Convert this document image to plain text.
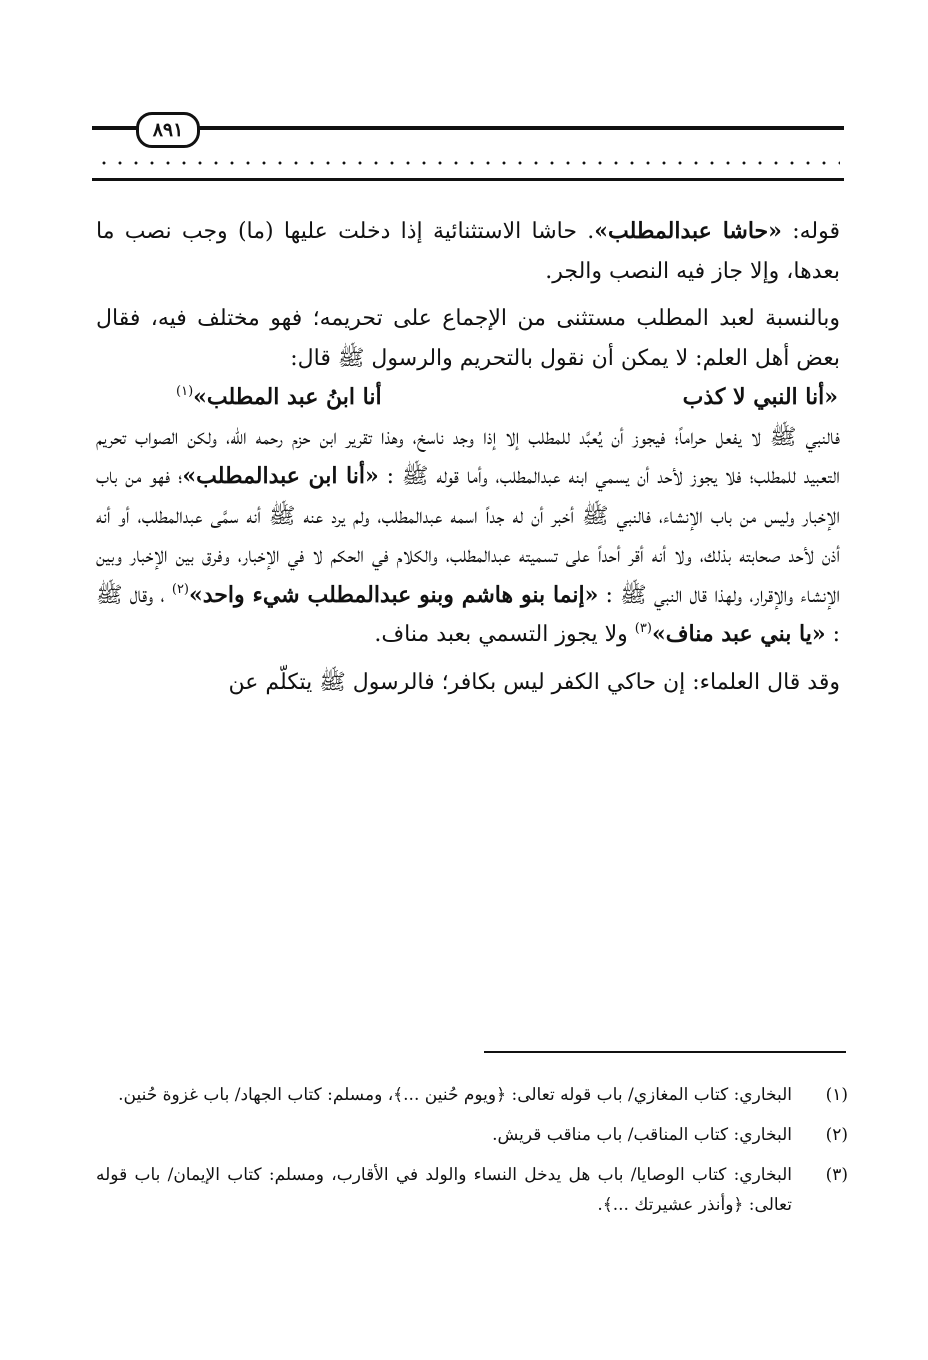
٨٩١

قوله: «حاشا عبدالمطلب». حاشا الاستثنائية إذا دخلت عليها (ما) وجب نصب ما بعدها، وإلا جاز فيه النصب والجر.

وبالنسبة لعبد المطلب مستثنى من الإجماع على تحريمه؛ فهو مختلف فيه، فقال بعض أهل العلم: لا يمكن أن نقول بالتحريم والرسول ﷺ قال:

«أنا النبي لا كذب
أنا ابنُ عبد المطلب»$^{(١)}$

فالنبي ﷺ لا يفعل حراماً؛ فيجوز أن يُعبَّد للمطلب إلا إذا وجد ناسخ، وهذا تقرير ابن حزم رحمه الله، ولكن الصواب تحريم التعبيد للمطلب؛ فلا يجوز لأحد أن يسمي ابنه عبدالمطلب، وأما قوله ﷺ : «أنا ابن عبدالمطلب»؛ فهو من باب الإخبار وليس من باب الإنشاء، فالنبي ﷺ أخبر أن له جداً اسمه عبدالمطلب، ولم يرد عنه ﷺ أنه سمَّى عبدالمطلب، أو أنه أذن لأحد صحابته بذلك، ولا أنه أقر أحداً على تسميته عبدالمطلب، والكلام في الحكم لا في الإخبار، وفرق بين الإخبار وبين الإنشاء والإقرار، ولهذا قال النبي ﷺ : «إنما بنو هاشم وبنو عبدالمطلب شيء واحد»$^{(٢)}$ ، وقال ﷺ : «يا بني عبد مناف»$^{(٣)}$ ولا يجوز التسمي بعبد مناف.

وقد قال العلماء: إن حاكي الكفر ليس بكافر؛ فالرسول ﷺ يتكلّم عن

(١)
البخاري: كتاب المغازي/ باب قوله تعالى: ﴿ويوم حُنين ...﴾، ومسلم: كتاب الجهاد/ باب غزوة حُنين.
(٢)
البخاري: كتاب المناقب/ باب مناقب قريش.
(٣)
البخاري: كتاب الوصايا/ باب هل يدخل النساء والولد في الأقارب، ومسلم: كتاب الإيمان/ باب قوله تعالى: ﴿وأنذر عشيرتك ...﴾.
